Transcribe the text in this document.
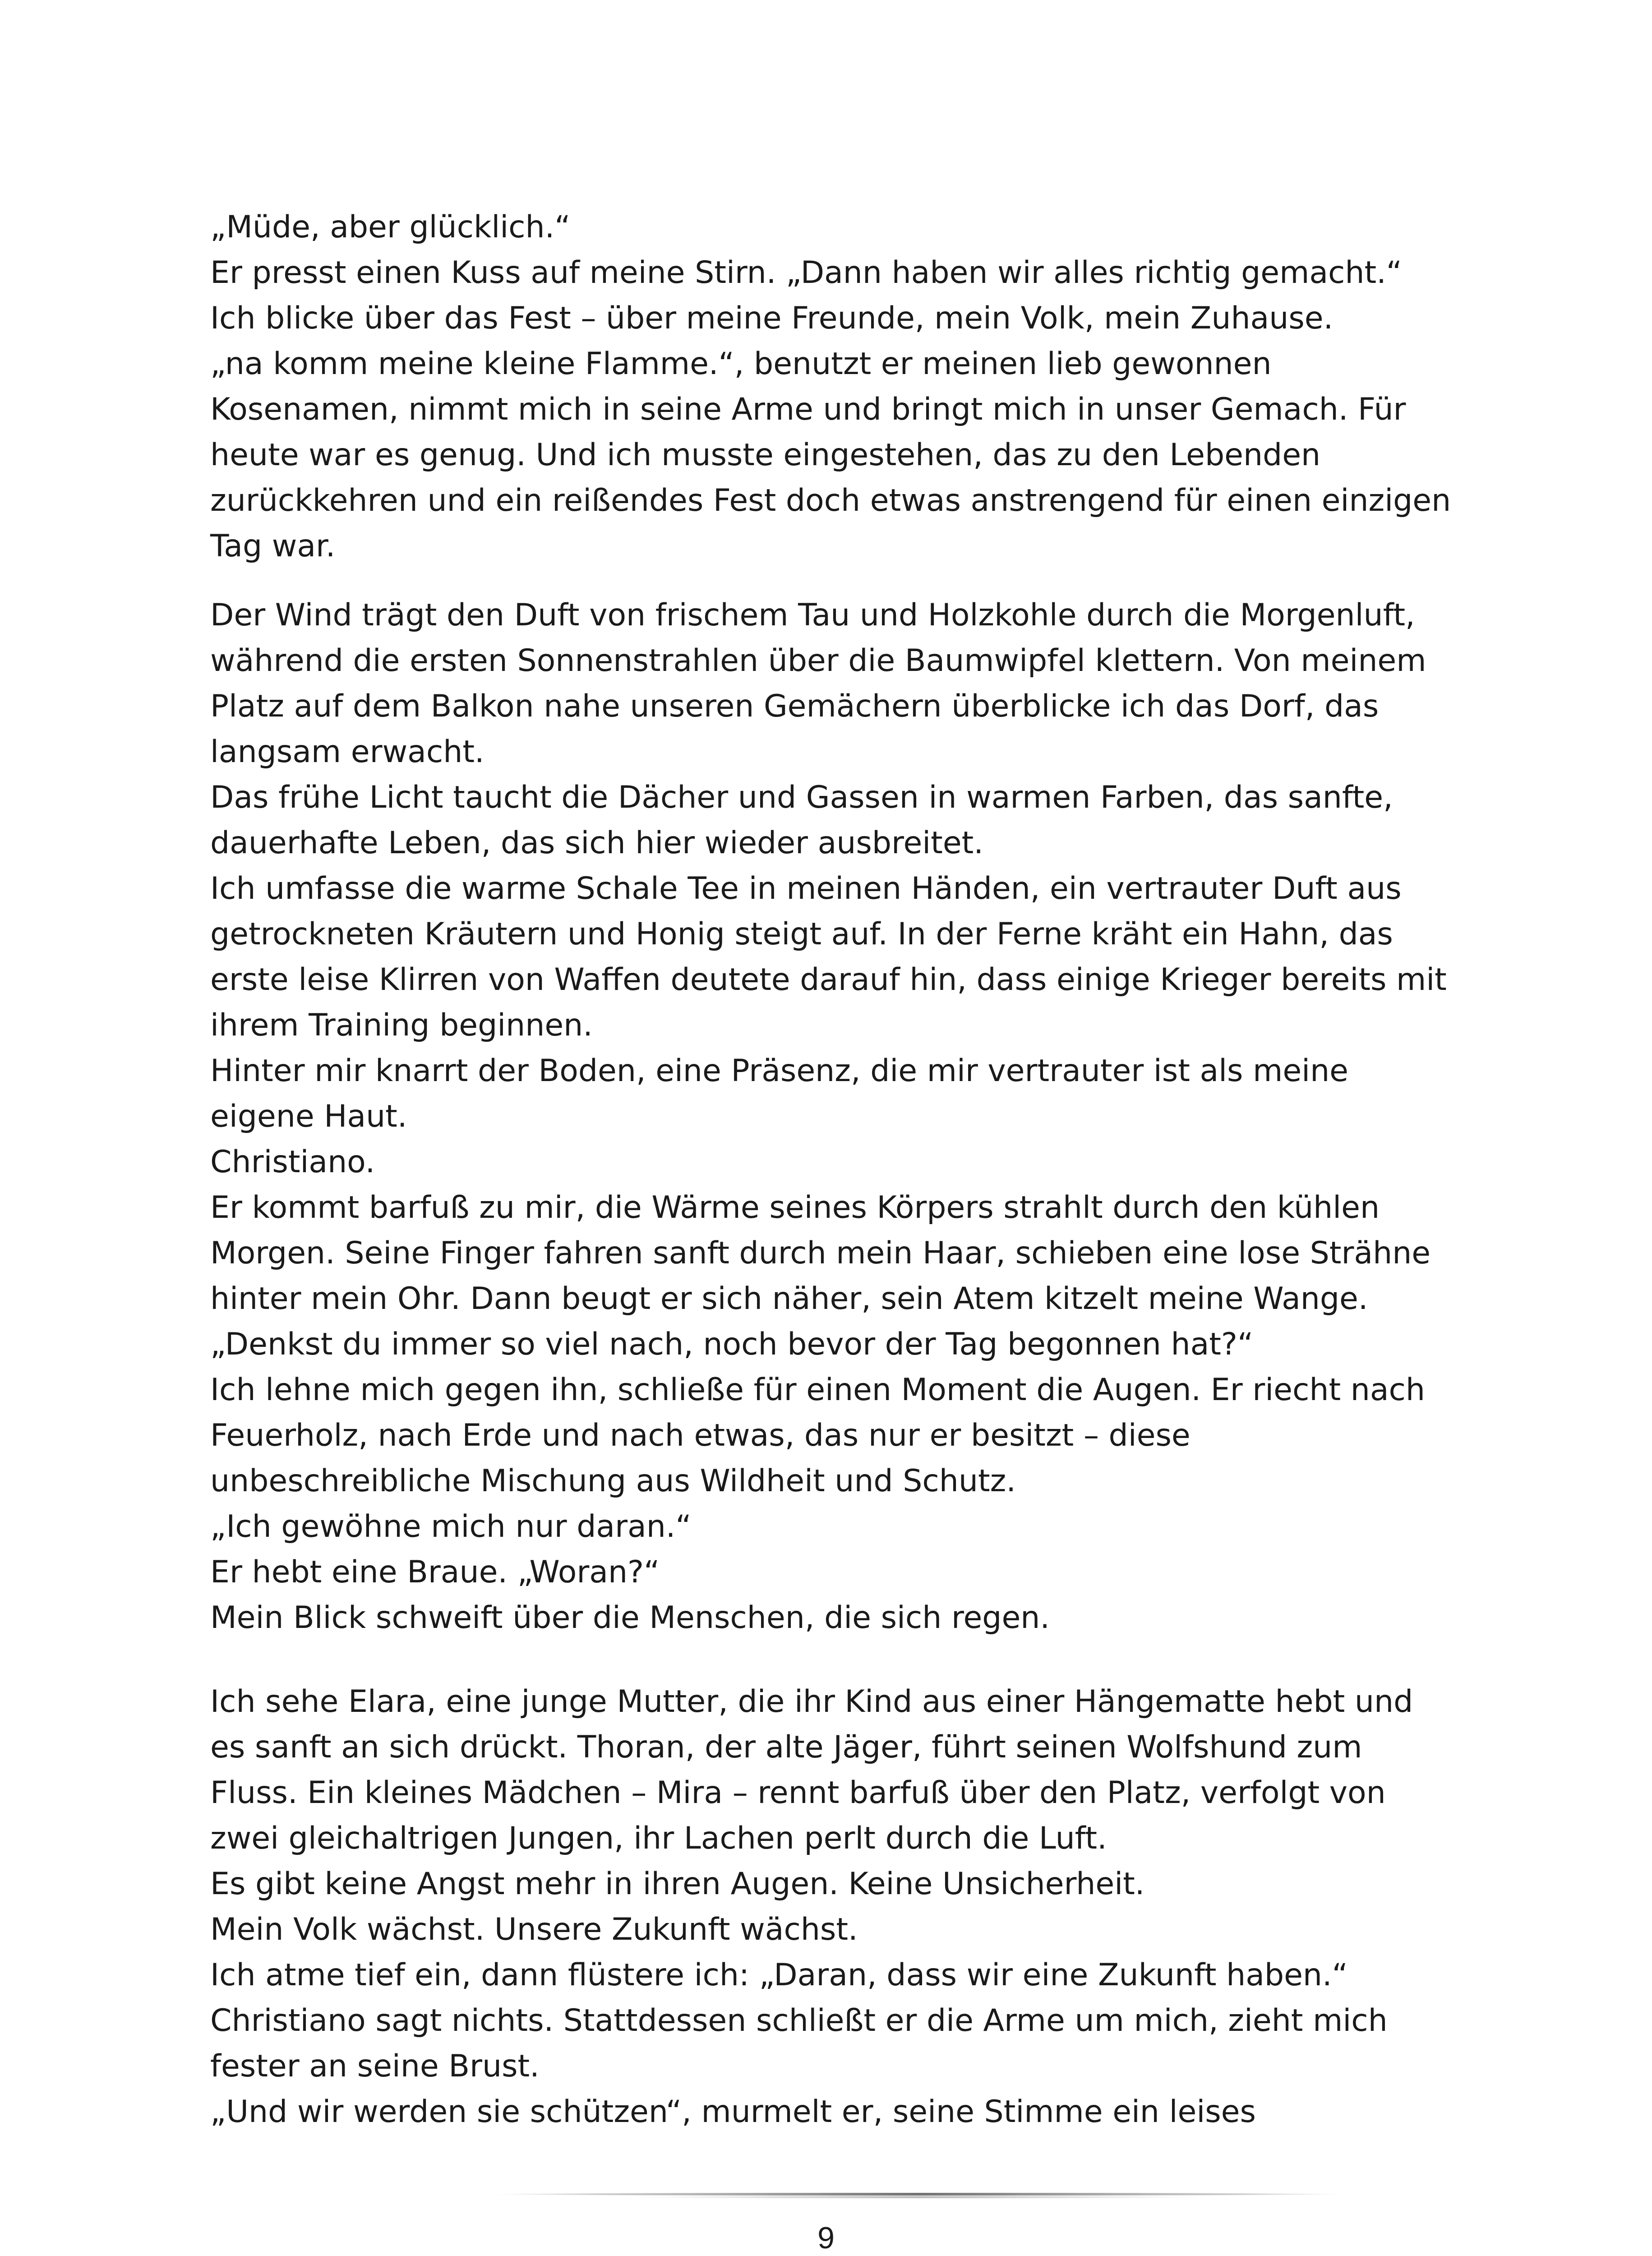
„Müde, aber glücklich.“
Er presst einen Kuss auf meine Stirn. „Dann haben wir alles richtig gemacht.“
Ich blicke über das Fest – über meine Freunde, mein Volk, mein Zuhause.
„na komm meine kleine Flamme.“, benutzt er meinen lieb gewonnen
Kosenamen, nimmt mich in seine Arme und bringt mich in unser Gemach. Für
heute war es genug. Und ich musste eingestehen, das zu den Lebenden
zurückkehren und ein reißendes Fest doch etwas anstrengend für einen einzigen
Tag war.
Der Wind trägt den Duft von frischem Tau und Holzkohle durch die Morgenluft,
während die ersten Sonnenstrahlen über die Baumwipfel klettern. Von meinem
Platz auf dem Balkon nahe unseren Gemächern überblicke ich das Dorf, das
langsam erwacht.
Das frühe Licht taucht die Dächer und Gassen in warmen Farben, das sanfte,
dauerhafte Leben, das sich hier wieder ausbreitet.
Ich umfasse die warme Schale Tee in meinen Händen, ein vertrauter Duft aus
getrockneten Kräutern und Honig steigt auf. In der Ferne kräht ein Hahn, das
erste leise Klirren von Waffen deutete darauf hin, dass einige Krieger bereits mit
ihrem Training beginnen.
Hinter mir knarrt der Boden, eine Präsenz, die mir vertrauter ist als meine
eigene Haut.
Christiano.
Er kommt barfuß zu mir, die Wärme seines Körpers strahlt durch den kühlen
Morgen. Seine Finger fahren sanft durch mein Haar, schieben eine lose Strähne
hinter mein Ohr. Dann beugt er sich näher, sein Atem kitzelt meine Wange.
„Denkst du immer so viel nach, noch bevor der Tag begonnen hat?“
Ich lehne mich gegen ihn, schließe für einen Moment die Augen. Er riecht nach
Feuerholz, nach Erde und nach etwas, das nur er besitzt – diese
unbeschreibliche Mischung aus Wildheit und Schutz.
„Ich gewöhne mich nur daran.“
Er hebt eine Braue. „Woran?“
Mein Blick schweift über die Menschen, die sich regen.
Ich sehe Elara, eine junge Mutter, die ihr Kind aus einer Hängematte hebt und
es sanft an sich drückt. Thoran, der alte Jäger, führt seinen Wolfshund zum
Fluss. Ein kleines Mädchen – Mira – rennt barfuß über den Platz, verfolgt von
zwei gleichaltrigen Jungen, ihr Lachen perlt durch die Luft.
Es gibt keine Angst mehr in ihren Augen. Keine Unsicherheit.
Mein Volk wächst. Unsere Zukunft wächst.
Ich atme tief ein, dann flüstere ich: „Daran, dass wir eine Zukunft haben.“
Christiano sagt nichts. Stattdessen schließt er die Arme um mich, zieht mich
fester an seine Brust.
„Und wir werden sie schützen“, murmelt er, seine Stimme ein leises
9
